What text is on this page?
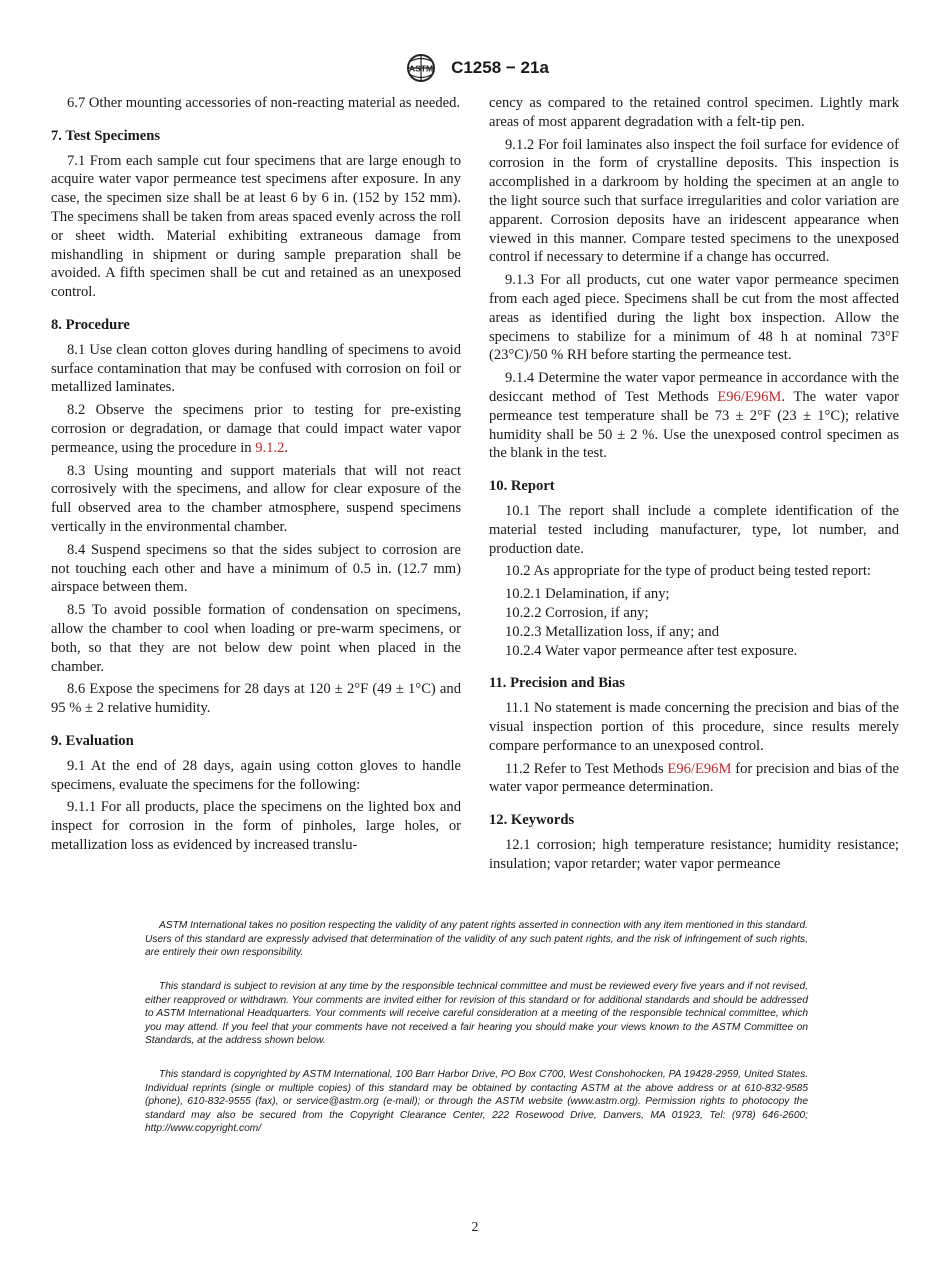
ASTM C1258 − 21a

6.7 Other mounting accessories of non-reacting material as needed.

7. Test Specimens

7.1 From each sample cut four specimens that are large enough to acquire water vapor permeance test specimens after exposure. In any case, the specimen size shall be at least 6 by 6 in. (152 by 152 mm). The specimens shall be taken from areas spaced evenly across the roll or sheet width. Material exhibiting extraneous damage from mishandling in shipment or during sample preparation shall be avoided. A fifth specimen shall be cut and retained as an unexposed control.

8. Procedure

8.1 Use clean cotton gloves during handling of specimens to avoid surface contamination that may be confused with corrosion on foil or metallized laminates.

8.2 Observe the specimens prior to testing for pre-existing corrosion or degradation, or damage that could impact water vapor permeance, using the procedure in 9.1.2.

8.3 Using mounting and support materials that will not react corrosively with the specimens, and allow for clear exposure of the full observed area to the chamber atmosphere, suspend specimens vertically in the environmental chamber.

8.4 Suspend specimens so that the sides subject to corrosion are not touching each other and have a minimum of 0.5 in. (12.7 mm) airspace between them.

8.5 To avoid possible formation of condensation on specimens, allow the chamber to cool when loading or pre-warm specimens, or both, so that they are not below dew point when placed in the chamber.

8.6 Expose the specimens for 28 days at 120 ± 2°F (49 ± 1°C) and 95 % ± 2 relative humidity.

9. Evaluation

9.1 At the end of 28 days, again using cotton gloves to handle specimens, evaluate the specimens for the following:

9.1.1 For all products, place the specimens on the lighted box and inspect for corrosion in the form of pinholes, large holes, or metallization loss as evidenced by increased translu-

cency as compared to the retained control specimen. Lightly mark areas of most apparent degradation with a felt-tip pen.

9.1.2 For foil laminates also inspect the foil surface for evidence of corrosion in the form of crystalline deposits. This inspection is accomplished in a darkroom by holding the specimen at an angle to the light source such that surface irregularities and color variation are apparent. Corrosion deposits have an iridescent appearance when viewed in this manner. Compare tested specimens to the unexposed control if necessary to determine if a change has occurred.

9.1.3 For all products, cut one water vapor permeance specimen from each aged piece. Specimens shall be cut from the most affected areas as identified during the light box inspection. Allow the specimens to stabilize for a minimum of 48 h at nominal 73°F (23°C)/50 % RH before starting the permeance test.

9.1.4 Determine the water vapor permeance in accordance with the desiccant method of Test Methods E96/E96M. The water vapor permeance test temperature shall be 73 ± 2°F (23 ± 1°C); relative humidity shall be 50 ± 2 %. Use the unexposed control specimen as the blank in the test.

10. Report

10.1 The report shall include a complete identification of the material tested including manufacturer, type, lot number, and production date.

10.2 As appropriate for the type of product being tested report:

10.2.1 Delamination, if any;

10.2.2 Corrosion, if any;

10.2.3 Metallization loss, if any; and

10.2.4 Water vapor permeance after test exposure.

11. Precision and Bias

11.1 No statement is made concerning the precision and bias of the visual inspection portion of this procedure, since results merely compare performance to an unexposed control.

11.2 Refer to Test Methods E96/E96M for precision and bias of the water vapor permeance determination.

12. Keywords

12.1 corrosion; high temperature resistance; humidity resistance; insulation; vapor retarder; water vapor permeance

ASTM International takes no position respecting the validity of any patent rights asserted in connection with any item mentioned in this standard. Users of this standard are expressly advised that determination of the validity of any such patent rights, and the risk of infringement of such rights, are entirely their own responsibility.

This standard is subject to revision at any time by the responsible technical committee and must be reviewed every five years and if not revised, either reapproved or withdrawn. Your comments are invited either for revision of this standard or for additional standards and should be addressed to ASTM International Headquarters. Your comments will receive careful consideration at a meeting of the responsible technical committee, which you may attend. If you feel that your comments have not received a fair hearing you should make your views known to the ASTM Committee on Standards, at the address shown below.

This standard is copyrighted by ASTM International, 100 Barr Harbor Drive, PO Box C700, West Conshohocken, PA 19428-2959, United States. Individual reprints (single or multiple copies) of this standard may be obtained by contacting ASTM at the above address or at 610-832-9585 (phone), 610-832-9555 (fax), or service@astm.org (e-mail); or through the ASTM website (www.astm.org). Permission rights to photocopy the standard may also be secured from the Copyright Clearance Center, 222 Rosewood Drive, Danvers, MA 01923, Tel: (978) 646-2600; http://www.copyright.com/

2
